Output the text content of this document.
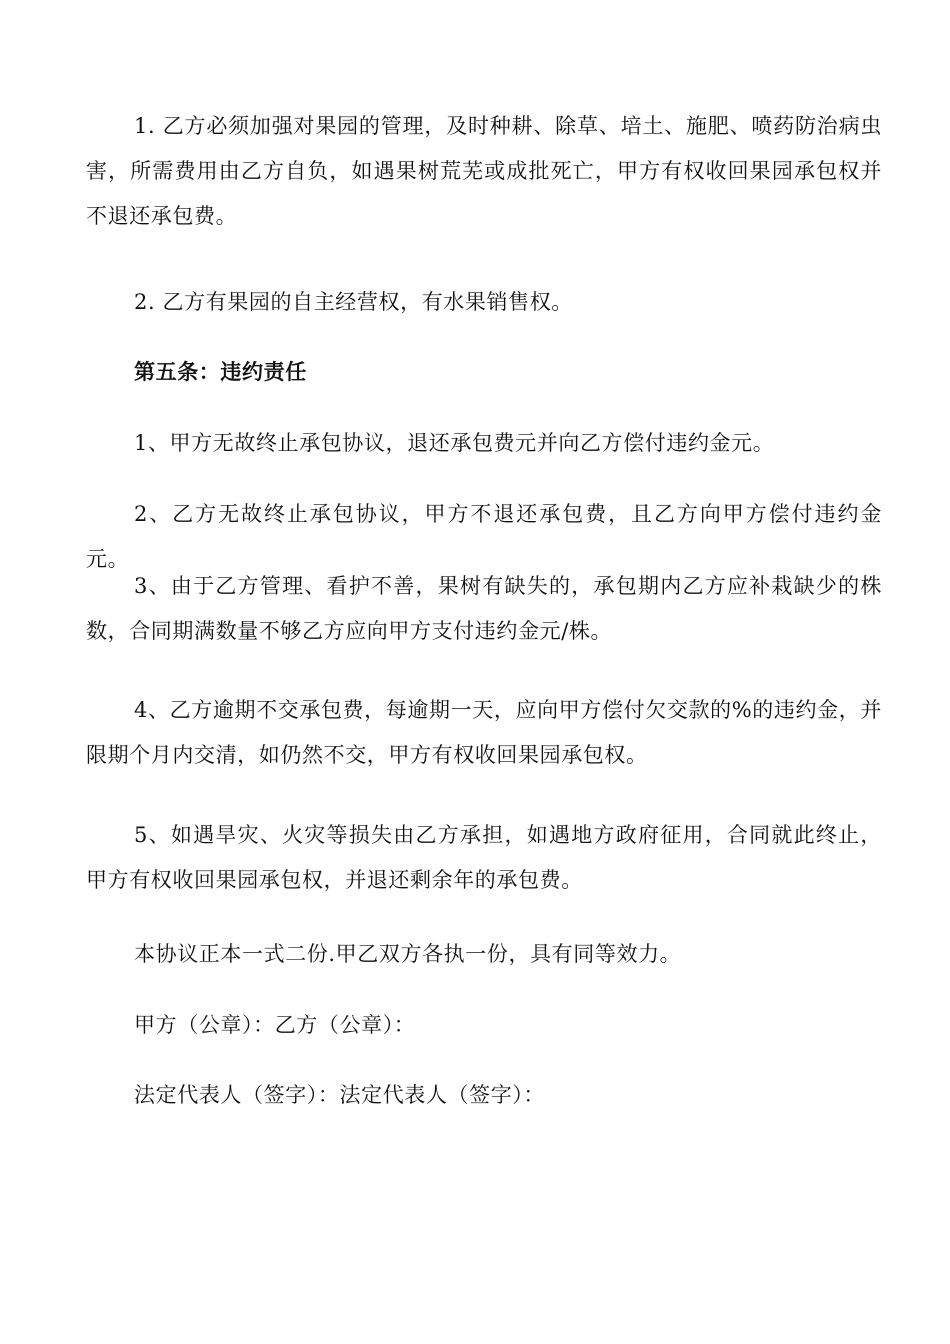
1. 乙方必须加强对果园的管理，及时种耕、除草、培土、施肥、喷药防治病虫害，所需费用由乙方自负，如遇果树荒芜或成批死亡，甲方有权收回果园承包权并不退还承包费。

2. 乙方有果园的自主经营权，有水果销售权。

第五条：违约责任

1、甲方无故终止承包协议，退还承包费元并向乙方偿付违约金元。

2、乙方无故终止承包协议，甲方不退还承包费，且乙方向甲方偿付违约金元。

3、由于乙方管理、看护不善，果树有缺失的，承包期内乙方应补栽缺少的株数，合同期满数量不够乙方应向甲方支付违约金元/株。

4、乙方逾期不交承包费，每逾期一天，应向甲方偿付欠交款的%的违约金，并限期个月内交清，如仍然不交，甲方有权收回果园承包权。

5、如遇旱灾、火灾等损失由乙方承担，如遇地方政府征用，合同就此终止，甲方有权收回果园承包权，并退还剩余年的承包费。

本协议正本一式二份.甲乙双方各执一份，具有同等效力。

甲方（公章）：乙方（公章）：

法定代表人（签字）：法定代表人（签字）：
